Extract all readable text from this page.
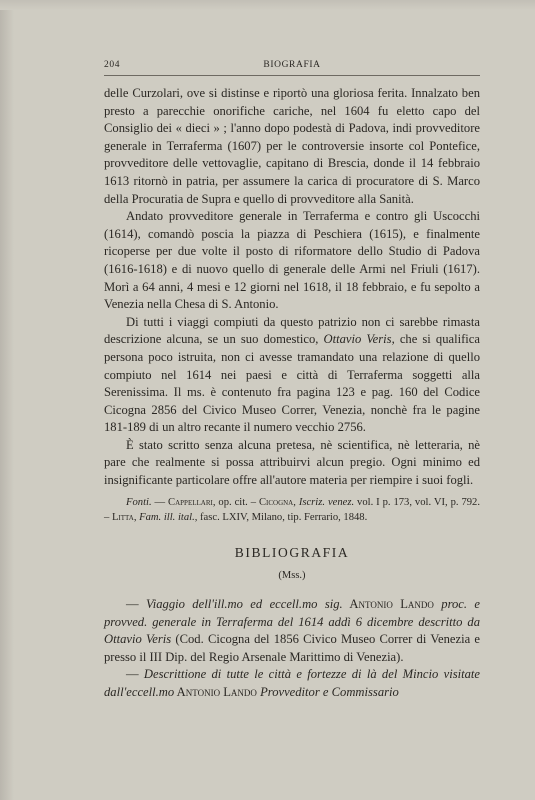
204	BIOGRAFIA

delle Curzolari, ove si distinse e riportò una gloriosa ferita. Innalzato ben presto a parecchie onorifiche cariche, nel 1604 fu eletto capo del Consiglio dei « dieci » ; l'anno dopo podestà di Padova, indi provveditore generale in Terraferma (1607) per le controversie insorte col Pontefice, provveditore delle vettovaglie, capitano di Brescia, donde il 14 febbraio 1613 ritornò in patria, per assumere la carica di procuratore di S. Marco della Procuratia de Supra e quello di provveditore alla Sanità.

Andato provveditore generale in Terraferma e contro gli Uscocchi (1614), comandò poscia la piazza di Peschiera (1615), e finalmente ricoperse per due volte il posto di riformatore dello Studio di Padova (1616-1618) e di nuovo quello di generale delle Armi nel Friuli (1617). Morì a 64 anni, 4 mesi e 12 giorni nel 1618, il 18 febbraio, e fu sepolto a Venezia nella Chesa di S. Antonio.

Di tutti i viaggi compiuti da questo patrizio non ci sarebbe rimasta descrizione alcuna, se un suo domestico, Ottavio Veris, che si qualifica persona poco istruita, non ci avesse tramandato una relazione di quello compiuto nel 1614 nei paesi e città di Terraferma soggetti alla Serenissima. Il ms. è contenuto fra pagina 123 e pag. 160 del Codice Cicogna 2856 del Civico Museo Correr, Venezia, nonchè fra le pagine 181-189 di un altro recante il numero vecchio 2756.

È stato scritto senza alcuna pretesa, nè scientifica, nè letteraria, nè pare che realmente si possa attribuirvi alcun pregio. Ogni minimo ed insignificante particolare offre all'autore materia per riempire i suoi fogli.

Fonti. — Cappellari, op. cit. – Cicogna, Iscriz. venez. vol. I p. 173, vol. VI, p. 792. – Litta, Fam. ill. ital., fasc. LXIV, Milano, tip. Ferrario, 1848.

BIBLIOGRAFIA
(Mss.)

— Viaggio dell'ill.mo ed eccell.mo sig. Antonio Lando proc. e provved. generale in Terraferma del 1614 addì 6 dicembre descritto da Ottavio Veris (Cod. Cicogna del 1856 Civico Museo Correr di Venezia e presso il III Dip. del Regio Arsenale Marittimo di Venezia).

— Descrittione di tutte le città e fortezze di là del Mincio visitate dall'eccell.mo Antonio Lando Provveditor e Commissario
